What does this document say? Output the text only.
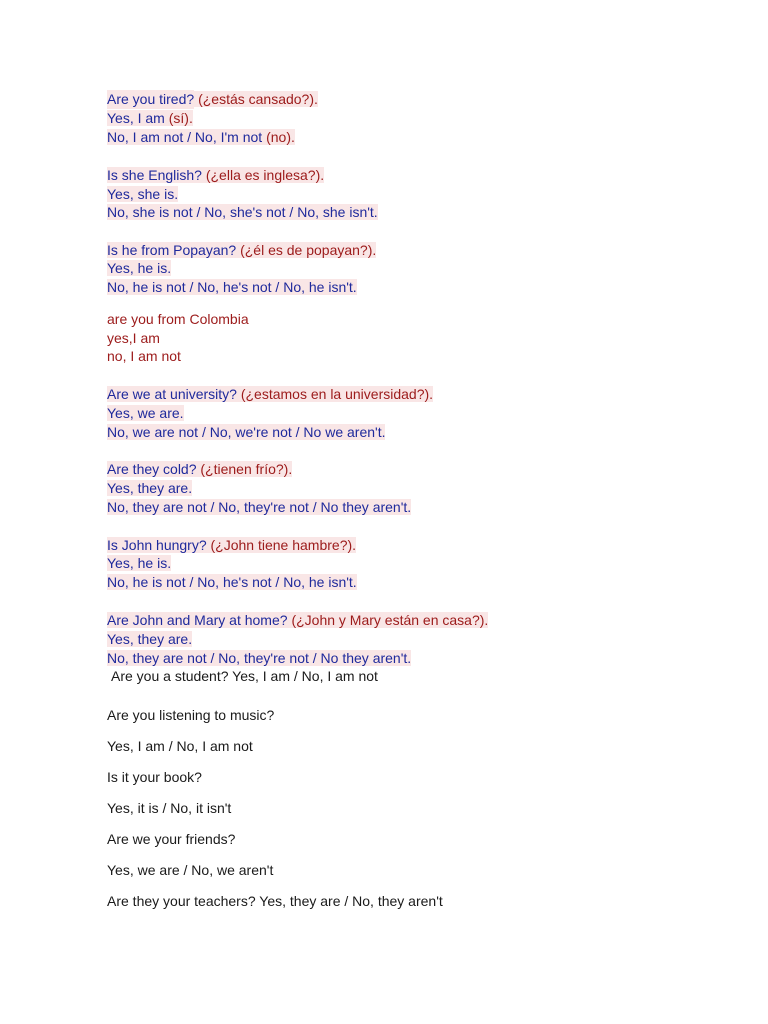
Are you tired? (¿estás cansado?).
Yes, I am (sí).
No, I am not / No, I'm not (no).
Is she English? (¿ella es inglesa?).
Yes, she is.
No, she is not / No, she's not / No, she isn't.
Is he from Popayan? (¿él es de popayan?).
Yes, he is.
No, he is not / No, he's not / No, he isn't.
are you from Colombia
yes,I am
no, I am not
Are we at university? (¿estamos en la universidad?).
Yes, we are.
No, we are not / No, we're not / No we aren't.
Are they cold? (¿tienen frío?).
Yes, they are.
No, they are not / No, they're not / No they aren't.
Is John hungry? (¿John tiene hambre?).
Yes, he is.
No, he is not / No, he's not / No, he isn't.
Are John and Mary at home? (¿John y Mary están en casa?).
Yes, they are.
No, they are not / No, they're not / No they aren't.
Are you a student? Yes, I am / No, I am not
Are you listening to music?
Yes, I am / No, I am not
Is it your book?
Yes, it is / No, it isn't
Are we your friends?
Yes, we are / No, we aren't
Are they your teachers? Yes, they are / No, they aren't
